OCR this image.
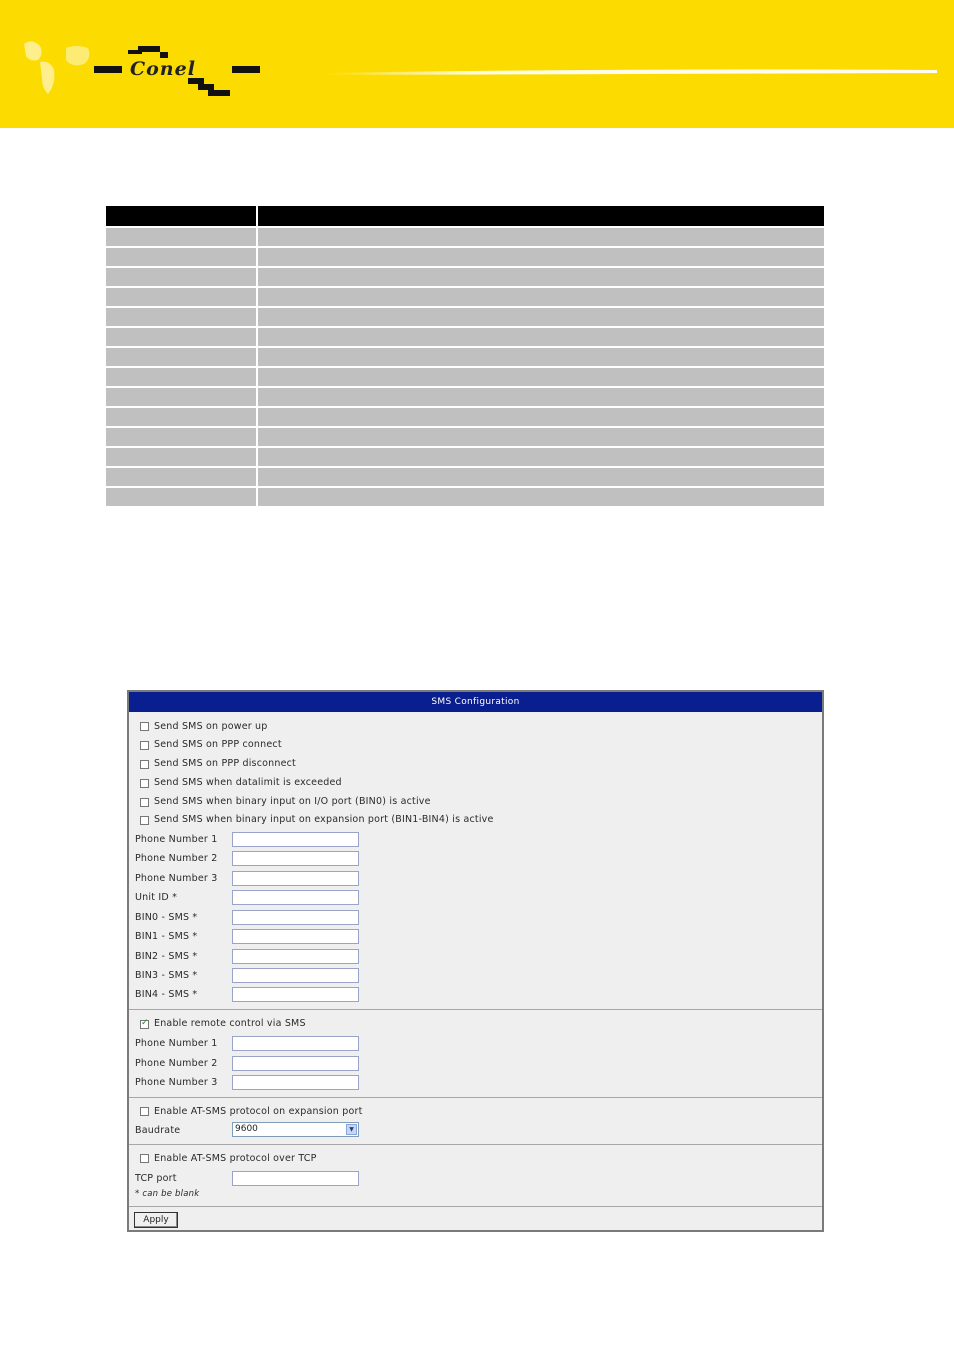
Conel

SMS Configuration
Send SMS on power up
Send SMS on PPP connect
Send SMS on PPP disconnect
Send SMS when datalimit is exceeded
Send SMS when binary input on I/O port (BIN0) is active
Send SMS when binary input on expansion port (BIN1-BIN4) is active
Phone Number 1
Phone Number 2
Phone Number 3
Unit ID *
BIN0 - SMS *
BIN1 - SMS *
BIN2 - SMS *
BIN3 - SMS *
BIN4 - SMS *
✓
Enable remote control via SMS
Phone Number 1
Phone Number 2
Phone Number 3
Enable AT-SMS protocol on expansion port
Baudrate	9600	▼
Enable AT-SMS protocol over TCP
TCP port
* can be blank
Apply
